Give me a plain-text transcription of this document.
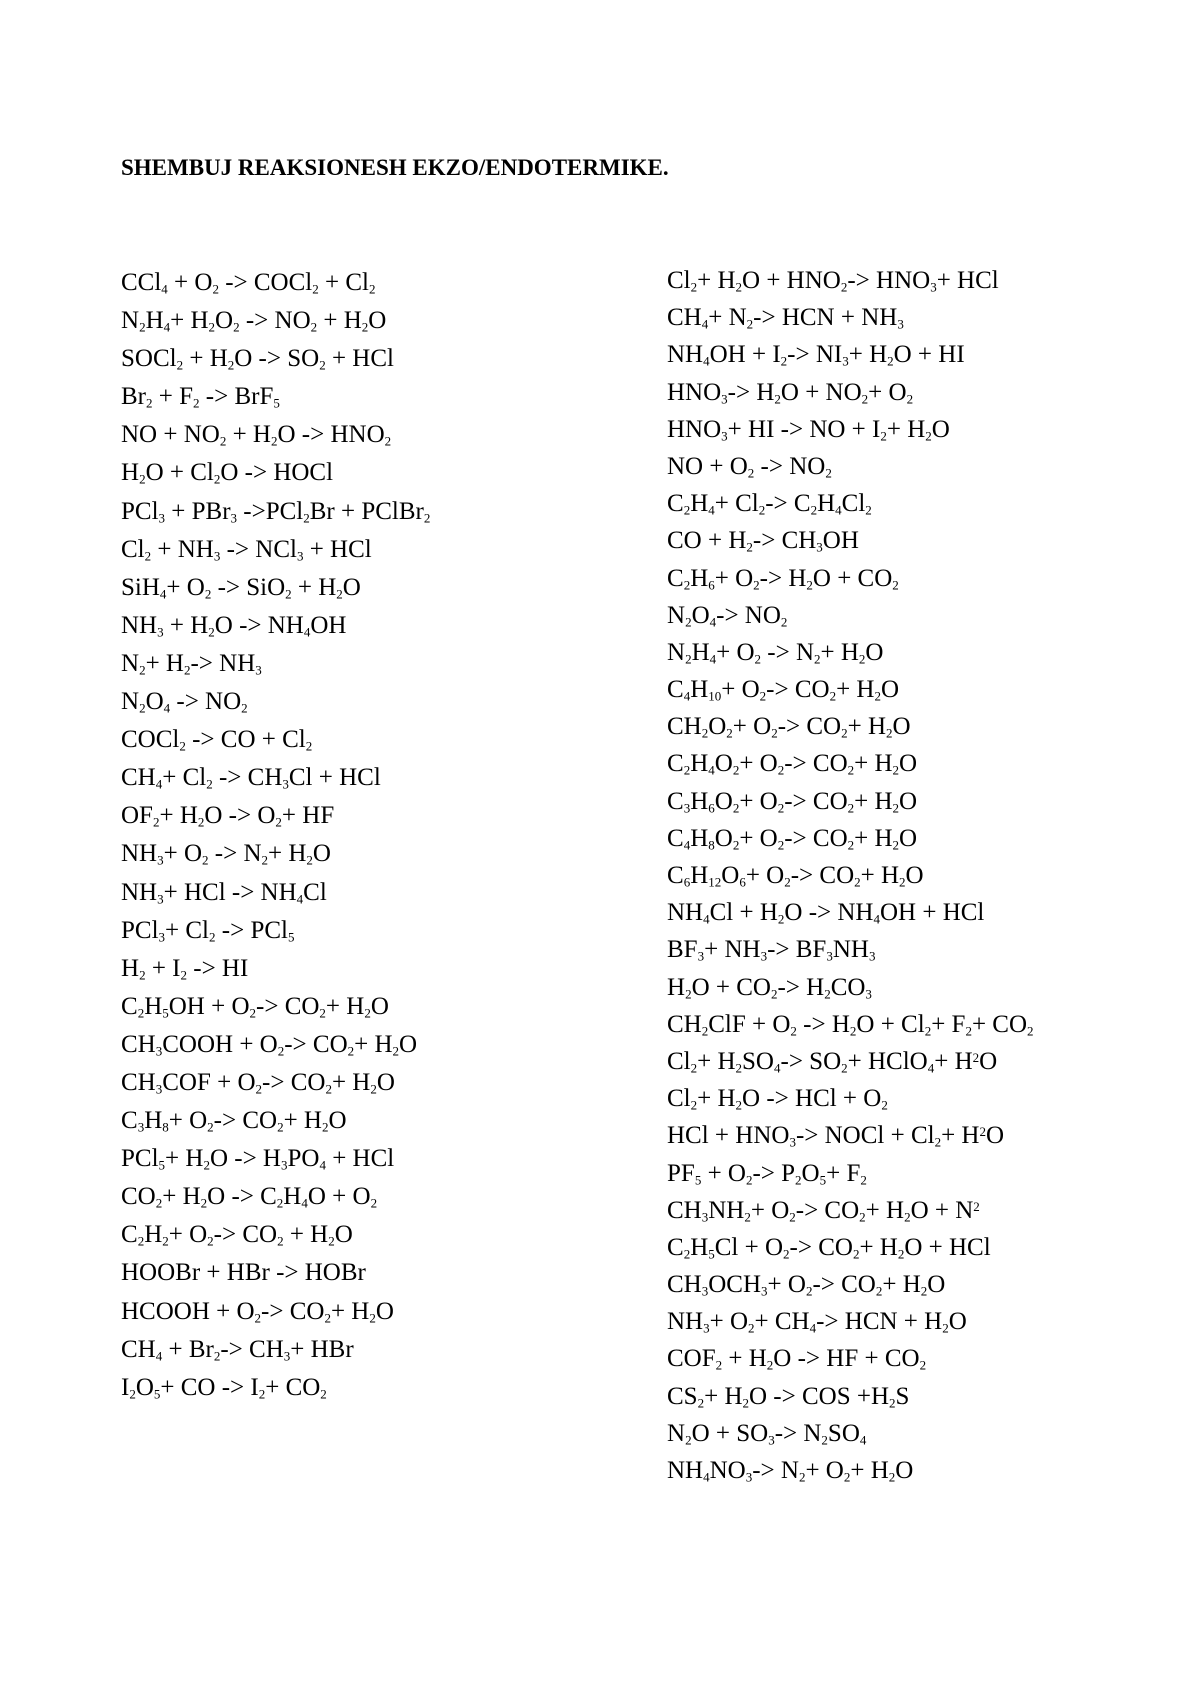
SHEMBUJ REAKSIONESH EKZO/ENDOTERMIKE.
$CCl_4 + O_2$ -> COCl$_2$ + $Cl_2$
$N_2H_4+ H_2O_2 -> NO_2 + H_2O$
SOCl$_2$ + $H_2O -> SO_2$ + HCl
$Br_2 + F_2 -> BrF_5$
NO + $NO_2 + H_2O -> HNO_2$
$H_2O + Cl_2O$ -> HOCl
PCl$_3$ + PBr$_3$ ->PCl$_2$Br + PClBr$_2$
$Cl_2 + NH_3 -> NCl_3$ + HCl
$SiH_4+ O_2 -> SiO_2 + H_2O$
$NH_3 + H_2O -> NH_4OH$
$N_2+ H_2-> NH_3$
$N_2O_4 -> NO_2$
COCl$_2$ -> CO + $Cl_2$
$CH_4+ Cl_2 -> CH_3Cl$ + HCl
$OF_2+ H_2O -> O_2+$ HF
$NH_3+ O_2 -> N_2+ H_2O$
$NH_3+$ HCl -> $NH_4Cl$
$PCl_3+ Cl_2 -> PCl_5$
$H_2 + I_2$ -> HI
$C_2H_5OH + O_2-> CO_2+ H_2O$
$CH_3COOH + O_2-> CO_2+ H_2O$
$CH_3COF + O_2-> CO_2+ H_2O$
$C_3H_8+ O_2-> CO_2+ H_2O$
$PCl_5+ H_2O -> H_3PO_4$ + HCl
$CO_2+ H_2O -> C_2H_4O + O_2$
$C_2H_2+ O_2-> CO_2 + H_2O$
HOOBr + HBr -> HOBr
HCOOH + $O_2-> CO_2+ H_2O$
$CH_4 + Br_2-> CH_3+$ HBr
$I_2O_5+$ CO -> $I_2+ CO_2$
$Cl_2+ H_2O + HNO_2-> HNO_3+$ HCl
$CH_4+ N_2->$ HCN + $NH_3$
$NH_4OH + I_2-> NI_3+ H_2O$ + HI
$HNO_3-> H_2O + NO_2+ O_2$
$HNO_3+$ HI -> NO + $I_2+ H_2O$
NO + $O_2 -> NO_2$
$C_2H_4+ Cl_2-> C_2H_4Cl_2$
CO + $H_2-> CH_3OH$
$C_2H_6+ O_2-> H_2O + CO_2$
$N_2O_4-> NO_2$
$N_2H_4+ O_2 -> N_2+ H_2O$
$C_4H_{10}+ O_2-> CO_2+ H_2O$
$CH_2O_2+ O_2-> CO_2+ H_2O$
$C_2H_4O_2+ O_2-> CO_2+ H_2O$
$C_3H_6O_2+ O_2-> CO_2+ H_2O$
$C_4H_8O_2+ O_2-> CO_2+ H_2O$
$C_6H_{12}O_6+ O_2-> CO_2+ H_2O$
$NH_4Cl + H_2O -> NH_4OH$ + HCl
$BF_3+ NH_3-> BF_3NH_3$
$H_2O + CO_2-> H_2CO_3$
$CH_2ClF + O_2 -> H_2O + Cl_2+ F_2+ CO_2$
$Cl_2+ H_2SO_4-> SO_2+$ HClO$_4$+ $H^2O$
$Cl_2+ H_2O$ -> HCl + $O_2$
HCl + $HNO_3->$ NOCl + $Cl_2+ H^2O$
$PF_5 + O_2-> P_2O_5+ F_2$
$CH_3NH_2+ O_2-> CO_2+ H_2O + N^2$
$C_2H_5Cl + O_2-> CO_2+ H_2O$ + HCl
$CH_3OCH_3+ O_2-> CO_2+ H_2O$
$NH_3+ O_2+ CH_4->$ HCN + $H_2O$
$COF_2 + H_2O$ -> HF + $CO_2$
$CS_2+ H_2O$ -> COS $+H_2S$
$N_2O + SO_3-> N_2SO_4$
$NH_4NO_3-> N_2+ O_2+ H_2O$
